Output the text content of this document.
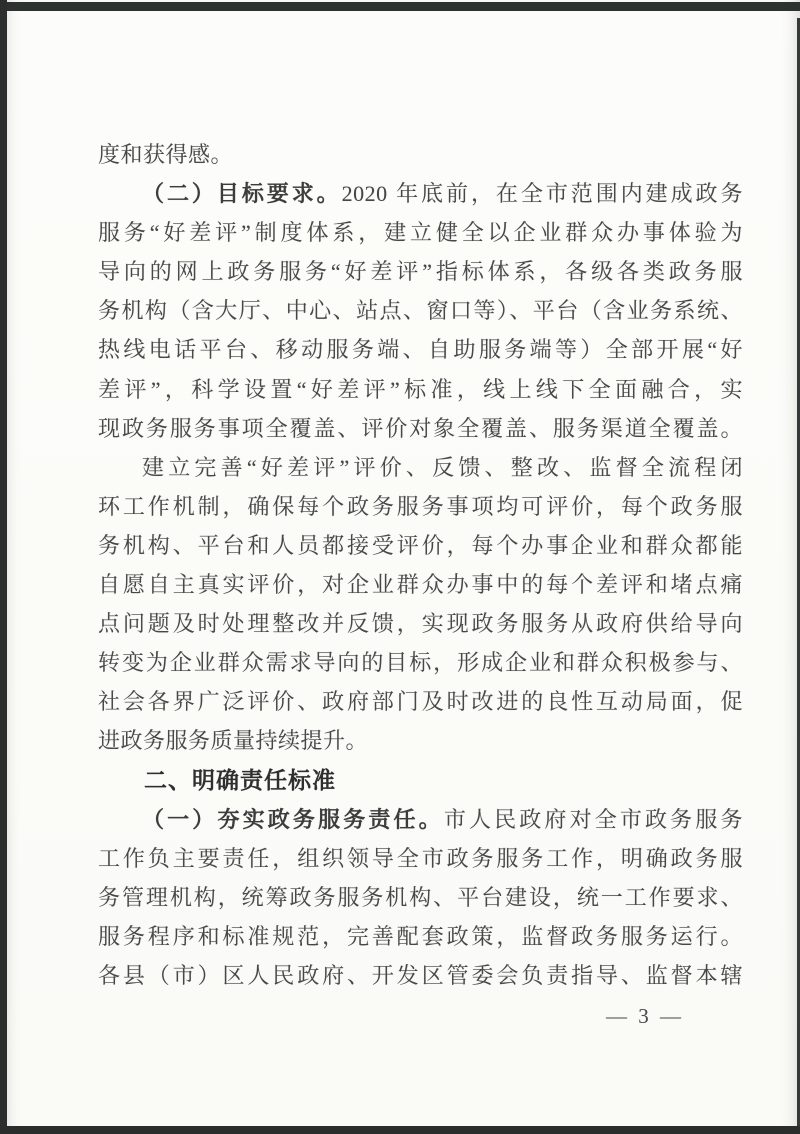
度和获得感。
（二）目标要求。2020 年底前，在全市范围内建成政务
服务“好差评”制度体系，建立健全以企业群众办事体验为
导向的网上政务服务“好差评”指标体系，各级各类政务服
务机构（含大厅、中心、站点、窗口等）、平台（含业务系统、
热线电话平台、移动服务端、自助服务端等）全部开展“好
差评”，科学设置“好差评”标准，线上线下全面融合，实
现政务服务事项全覆盖、评价对象全覆盖、服务渠道全覆盖。
建立完善“好差评”评价、反馈、整改、监督全流程闭
环工作机制，确保每个政务服务事项均可评价，每个政务服
务机构、平台和人员都接受评价，每个办事企业和群众都能
自愿自主真实评价，对企业群众办事中的每个差评和堵点痛
点问题及时处理整改并反馈，实现政务服务从政府供给导向
转变为企业群众需求导向的目标，形成企业和群众积极参与、
社会各界广泛评价、政府部门及时改进的良性互动局面，促
进政务服务质量持续提升。
二、明确责任标准
（一）夯实政务服务责任。市人民政府对全市政务服务
工作负主要责任，组织领导全市政务服务工作，明确政务服
务管理机构，统筹政务服务机构、平台建设，统一工作要求、
服务程序和标准规范，完善配套政策，监督政务服务运行。
各县（市）区人民政府、开发区管委会负责指导、监督本辖
— 3 —
